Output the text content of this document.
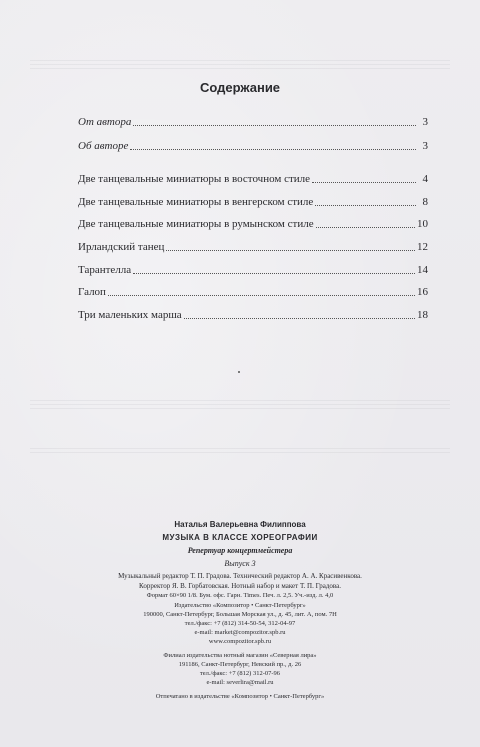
Содержание
От автора	3
Об авторе	3
Две танцевальные миниатюры в восточном стиле	4
Две танцевальные миниатюры в венгерском стиле	8
Две танцевальные миниатюры в румынском стиле	10
Ирландский танец	12
Тарантелла	14
Галоп	16
Три маленьких марша	18
Наталья Валерьевна Филиппова
МУЗЫКА В КЛАССЕ ХОРЕОГРАФИИ
Репертуар концертмейстера
Выпуск 3
Музыкальный редактор Т. П. Градова. Технический редактор А. А. Красивенкова.
Корректор Я. В. Горбатовская. Нотный набор и макет Т. П. Градова.
Формат 60×90 1/8. Бум. офс. Гарн. Times. Печ. л. 2,5. Уч.-изд. л. 4,0
Издательство «Композитор • Санкт-Петербург»
190000, Санкт-Петербург, Большая Морская ул., д. 45, лит. А, пом. 7Н
тел./факс: +7 (812) 314-50-54, 312-04-97
e-mail: market@compozitor.spb.ru
www.compozitor.spb.ru
Филиал издательства нотный магазин «Северная лира»
191186, Санкт-Петербург, Невский пр., д. 26
тел./факс: +7 (812) 312-07-96
e-mail: severlira@mail.ru
Отпечатано в издательстве «Композитор • Санкт-Петербург»
